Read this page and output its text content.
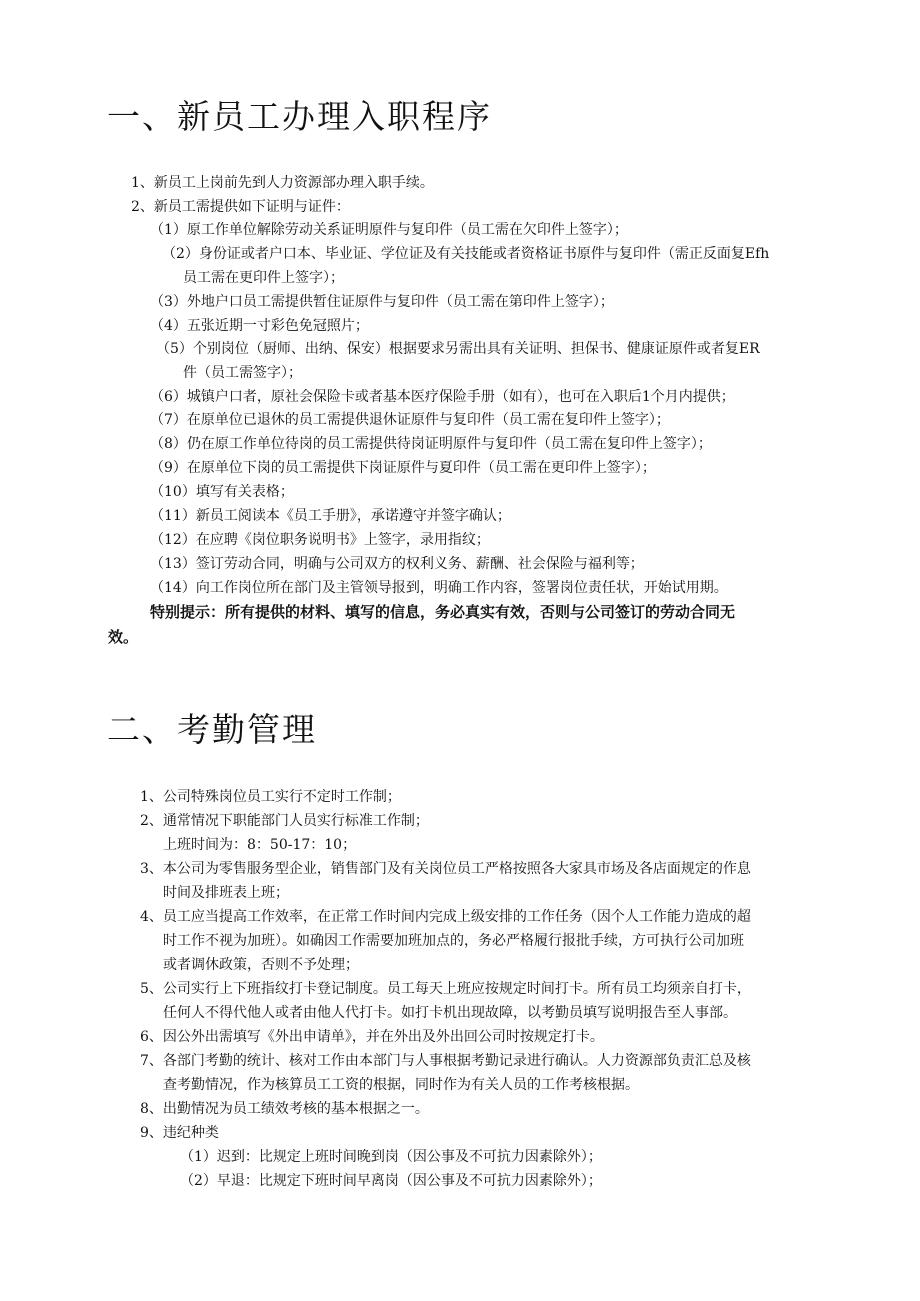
一、新员工办理入职程序

1、新员工上岗前先到人力资源部办理入职手续。

2、新员工需提供如下证明与证件：

（1）原工作单位解除劳动关系证明原件与复印件（员工需在欠印件上签字）；

（2）身份证或者户口本、毕业证、学位证及有关技能或者资格证书原件与复印件（需正反面复Efh

员工需在更印件上签字）；

（3）外地户口员工需提供暂住证原件与复印件（员工需在第印件上签字）；

（4）五张近期一寸彩色免冠照片；

（5）个别岗位（厨师、出纳、保安）根据要求另需出具有关证明、担保书、健康证原件或者复ER

件（员工需签字）；

（6）城镇户口者，原社会保险卡或者基本医疗保险手册（如有），也可在入职后1个月内提供；

（7）在原单位已退休的员工需提供退休证原件与复印件（员工需在复印件上签字）；

（8）仍在原工作单位待岗的员工需提供待岗证明原件与复印件（员工需在复印件上签字）；

（9）在原单位下岗的员工需提供下岗证原件与夏印件（员工需在更印件上签字）；

（10）填写有关表格；

（11）新员工阅读本《员工手册》，承诺遵守并签字确认；

（12）在应聘《岗位职务说明书》上签字，录用指纹；

（13）签订劳动合同，明确与公司双方的权利义务、薪酬、社会保险与福利等；

（14）向工作岗位所在部门及主管领导报到，明确工作内容，签署岗位责任状，开始试用期。

特别提示：所有提供的材料、填写的信息，务必真实有效，否则与公司签订的劳动合同无

效。

二、考勤管理

1、公司特殊岗位员工实行不定时工作制；

2、通常情况下职能部门人员实行标准工作制；

上班时间为：8：50-17：10；

3、本公司为零售服务型企业，销售部门及有关岗位员工严格按照各大家具市场及各店面规定的作息

时间及排班表上班；

4、员工应当提高工作效率，在正常工作时间内完成上级安排的工作任务（因个人工作能力造成的超

时工作不视为加班）。如确因工作需要加班加点的，务必严格履行报批手续，方可执行公司加班

或者调休政策，否则不予处理；

5、公司实行上下班指纹打卡登记制度。员工每天上班应按规定时间打卡。所有员工均须亲自打卡，

任何人不得代他人或者由他人代打卡。如打卡机出现故障，以考勤员填写说明报告至人事部。

6、因公外出需填写《外出申请单》，并在外出及外出回公司时按规定打卡。

7、各部门考勤的统计、核对工作由本部门与人事根据考勤记录进行确认。人力资源部负责汇总及核

查考勤情况，作为核算员工工资的根据，同时作为有关人员的工作考核根据。

8、出勤情况为员工绩效考核的基本根据之一。

9、违纪种类

（1）迟到：比规定上班时间晚到岗（因公事及不可抗力因素除外）；

（2）早退：比规定下班时间早离岗（因公事及不可抗力因素除外）；
